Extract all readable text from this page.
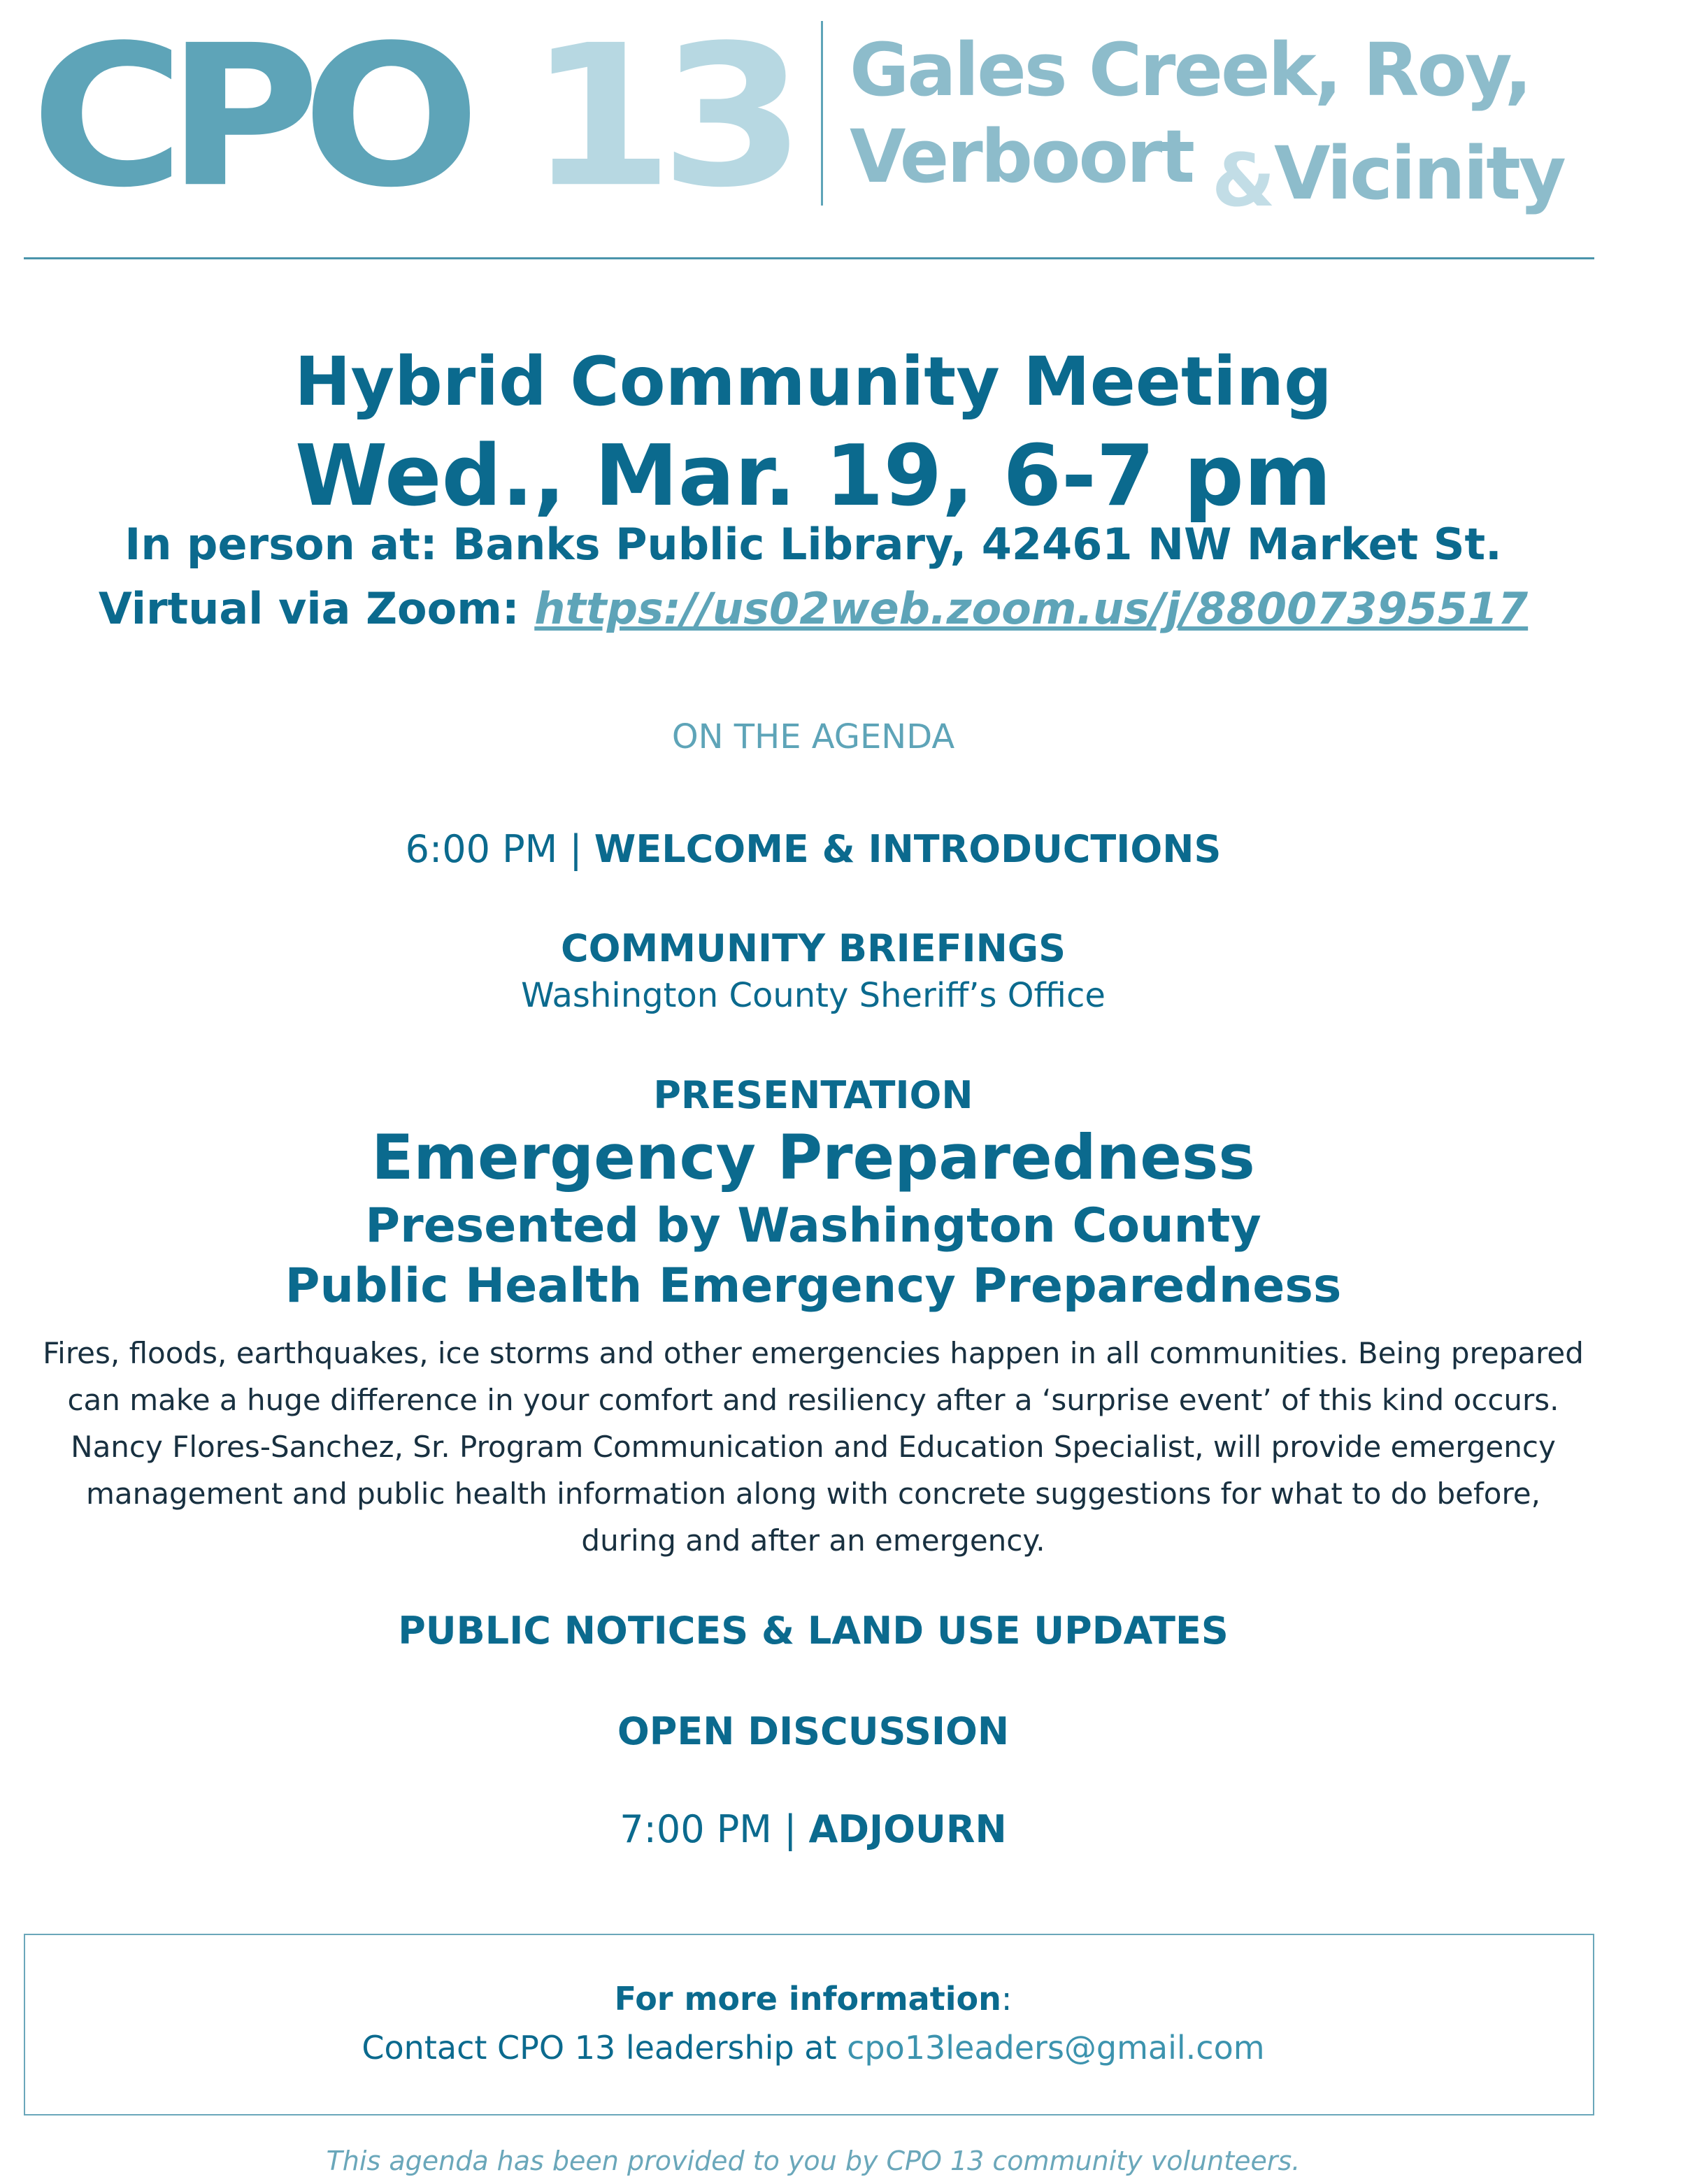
CPO 13 Gales Creek, Roy,
Verboort & Vicinity
Hybrid Community Meeting
Wed., Mar. 19, 6-7 pm
In person at: Banks Public Library, 42461 NW Market St.
Virtual via Zoom: https://us02web.zoom.us/j/88007395517
ON THE AGENDA
6:00 PM | WELCOME & INTRODUCTIONS
COMMUNITY BRIEFINGS
Washington County Sheriff’s Office
PRESENTATION
Emergency Preparedness
Presented by Washington County
Public Health Emergency Preparedness
Fires, floods, earthquakes, ice storms and other emergencies happen in all communities. Being prepared can make a huge difference in your comfort and resiliency after a ‘surprise event’ of this kind occurs. Nancy Flores-Sanchez, Sr. Program Communication and Education Specialist, will provide emergency management and public health information along with concrete suggestions for what to do before, during and after an emergency.
PUBLIC NOTICES & LAND USE UPDATES
OPEN DISCUSSION
7:00 PM | ADJOURN
For more information:
Contact CPO 13 leadership at cpo13leaders@gmail.com
This agenda has been provided to you by CPO 13 community volunteers.
